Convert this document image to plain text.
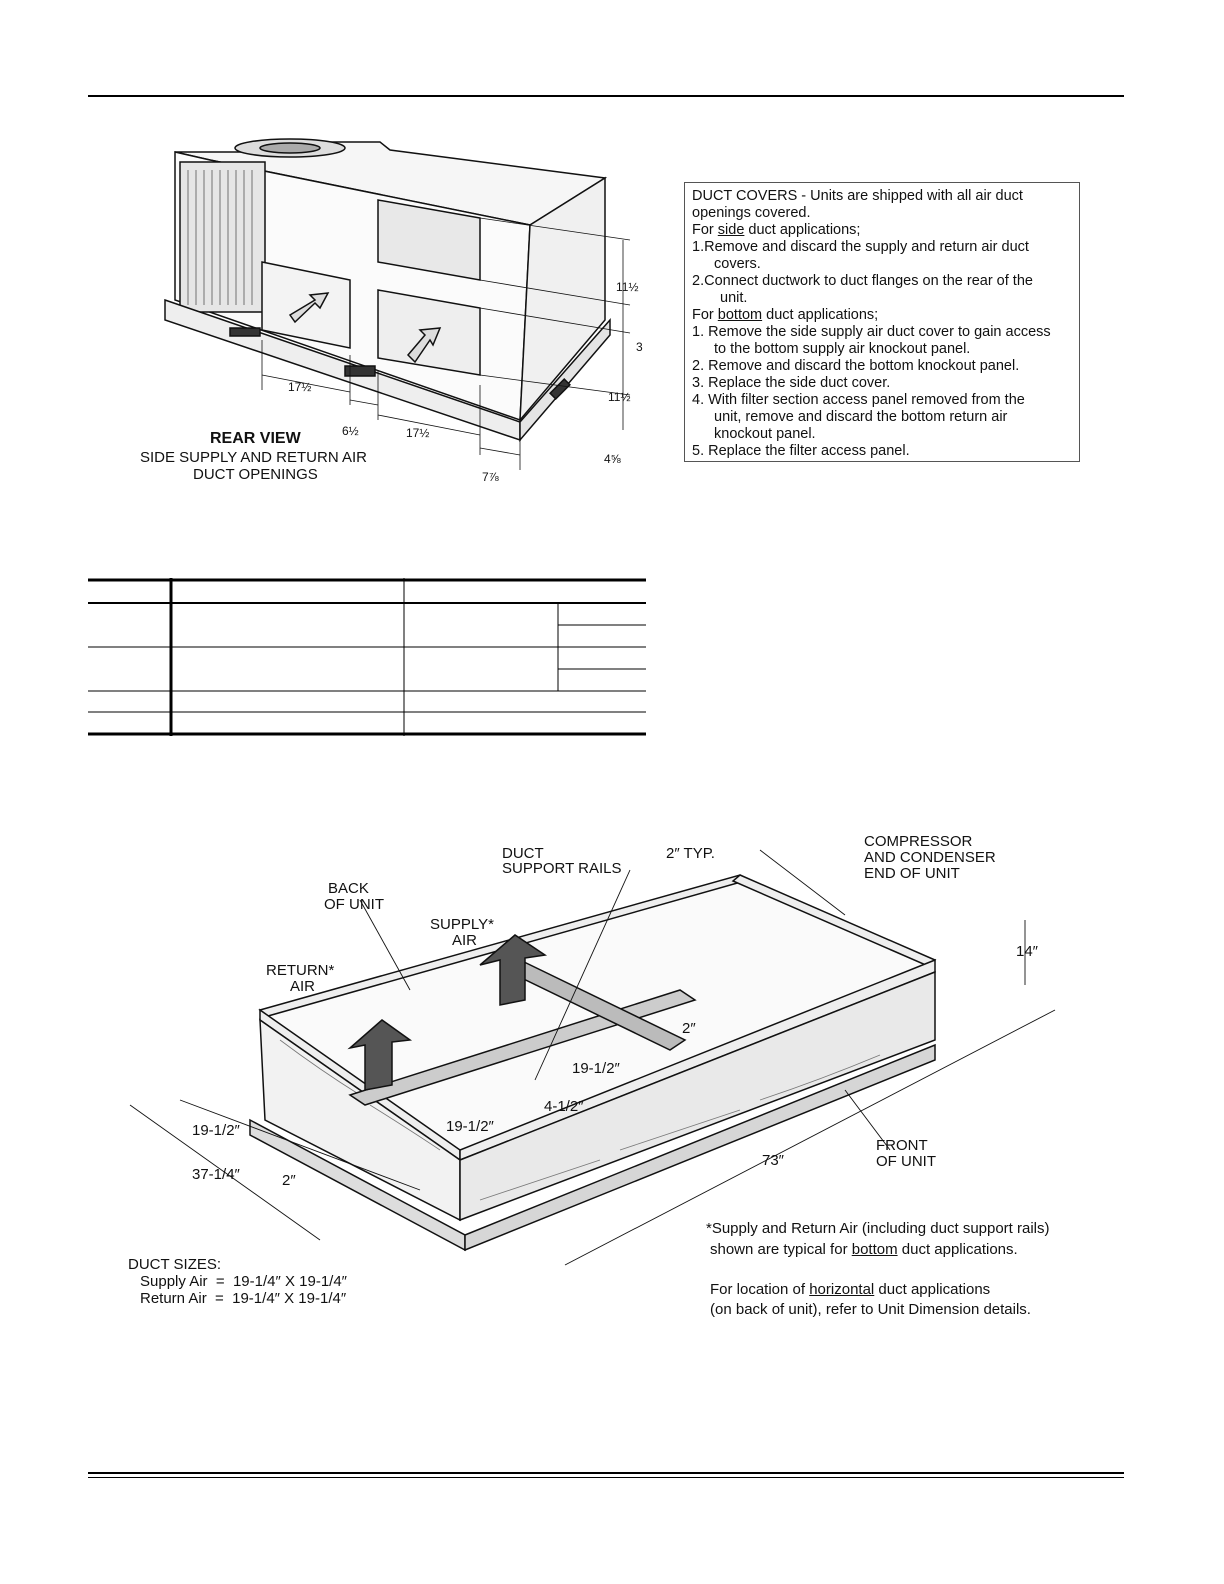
11½
3
11½
4⅝
17½
6½	17½
7⅞
REAR VIEW
SIDE SUPPLY AND RETURN AIR
DUCT OPENINGS
DUCT COVERS - Units are shipped with all air duct
openings covered.
For side duct applications;
1.Remove and discard the supply and return air duct
covers.
2.Connect ductwork to duct flanges on the rear of the
unit.
For bottom duct applications;
1. Remove the side supply air duct cover to gain access
to the bottom supply air knockout panel.
2. Remove and discard the bottom knockout panel.
3. Replace the side duct cover.
4. With filter section access panel removed from the
unit, remove and discard the bottom return air
knockout panel.
5. Replace the filter access panel.
DUCT
SUPPORT RAILS
2″ TYP.
COMPRESSOR
AND CONDENSER
END OF UNIT
BACK
OF UNIT
SUPPLY*
AIR
RETURN*
AIR
14″
2″
19-1/2″
4-1/2″
19-1/2″
19-1/2″
37-1/4″	2″
73″
FRONT
OF UNIT
DUCT SIZES:
Supply Air  =  19-1/4″ X 19-1/4″
Return Air  =  19-1/4″ X 19-1/4″
*Supply and Return Air (including duct support rails)
shown are typical for bottom duct applications.
For location of horizontal duct applications
(on back of unit), refer to Unit Dimension details.
